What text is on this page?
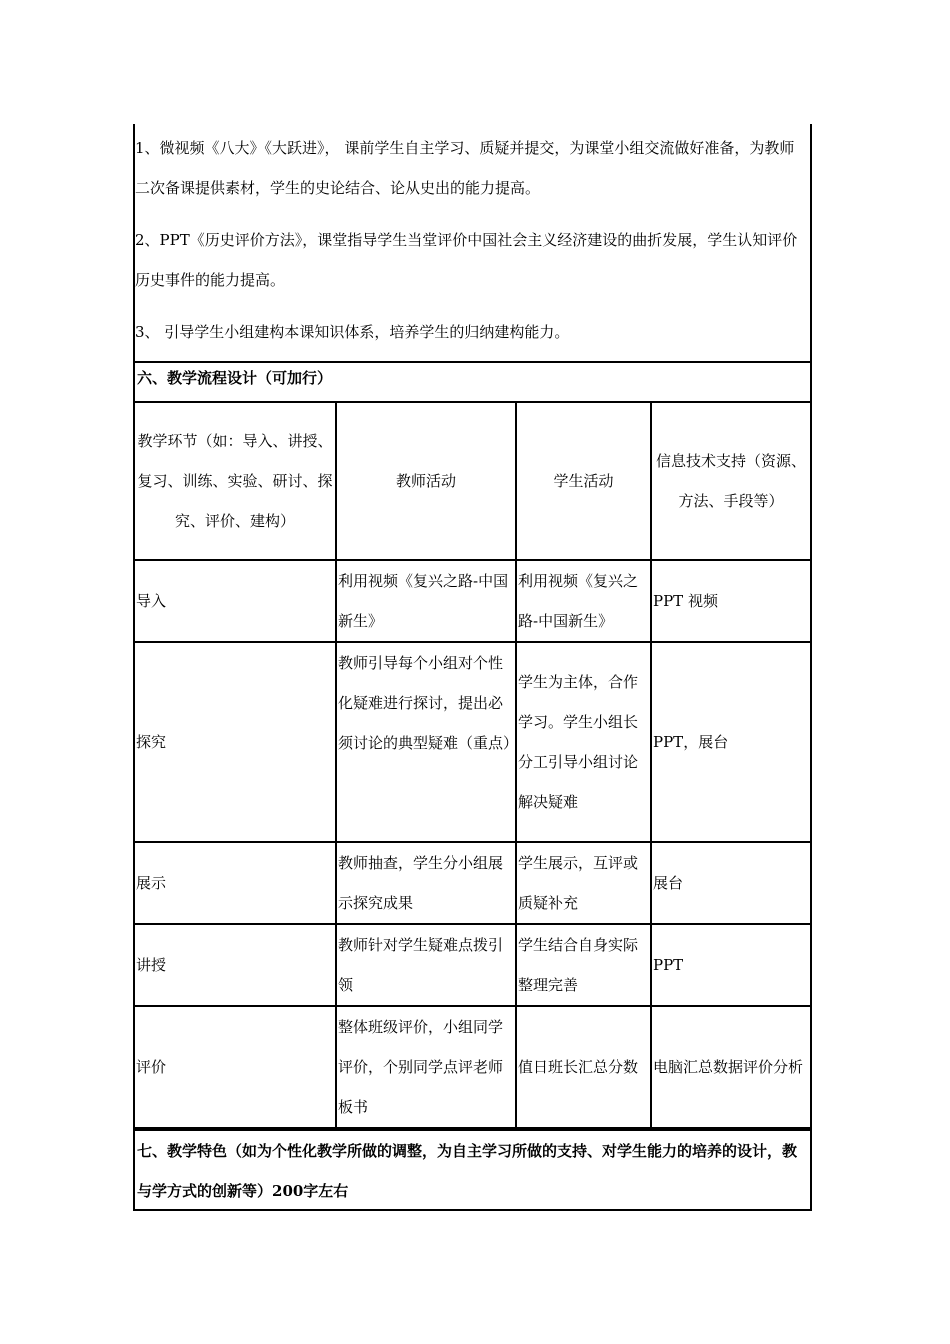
1、微视频《八大》《大跃进》， 课前学生自主学习、质疑并提交，为课堂小组交流做好准备，为教师二次备课提供素材，学生的史论结合、论从史出的能力提高。

2、PPT《历史评价方法》，课堂指导学生当堂评价中国社会主义经济建设的曲折发展，学生认知评价历史事件的能力提高。

3、 引导学生小组建构本课知识体系，培养学生的归纳建构能力。

六、教学流程设计（可加行）
教学环节（如：导入、讲授、复习、训练、实验、研讨、探究、评价、建构）	教师活动	学生活动	信息技术支持（资源、方法、手段等）
导入	利用视频《复兴之路-中国新生》	利用视频《复兴之路-中国新生》	PPT 视频
探究	教师引导每个小组对个性化疑难进行探讨，提出必须讨论的典型疑难（重点）	学生为主体，合作学习。学生小组长分工引导小组讨论解决疑难	PPT，展台
展示	教师抽查，学生分小组展示探究成果	学生展示，互评或质疑补充	展台
讲授	教师针对学生疑难点拨引领	学生结合自身实际整理完善	PPT
评价	整体班级评价，小组同学评价，个别同学点评老师板书	值日班长汇总分数	电脑汇总数据评价分析
七、教学特色（如为个性化教学所做的调整，为自主学习所做的支持、对学生能力的培养的设计，教与学方式的创新等）200字左右
